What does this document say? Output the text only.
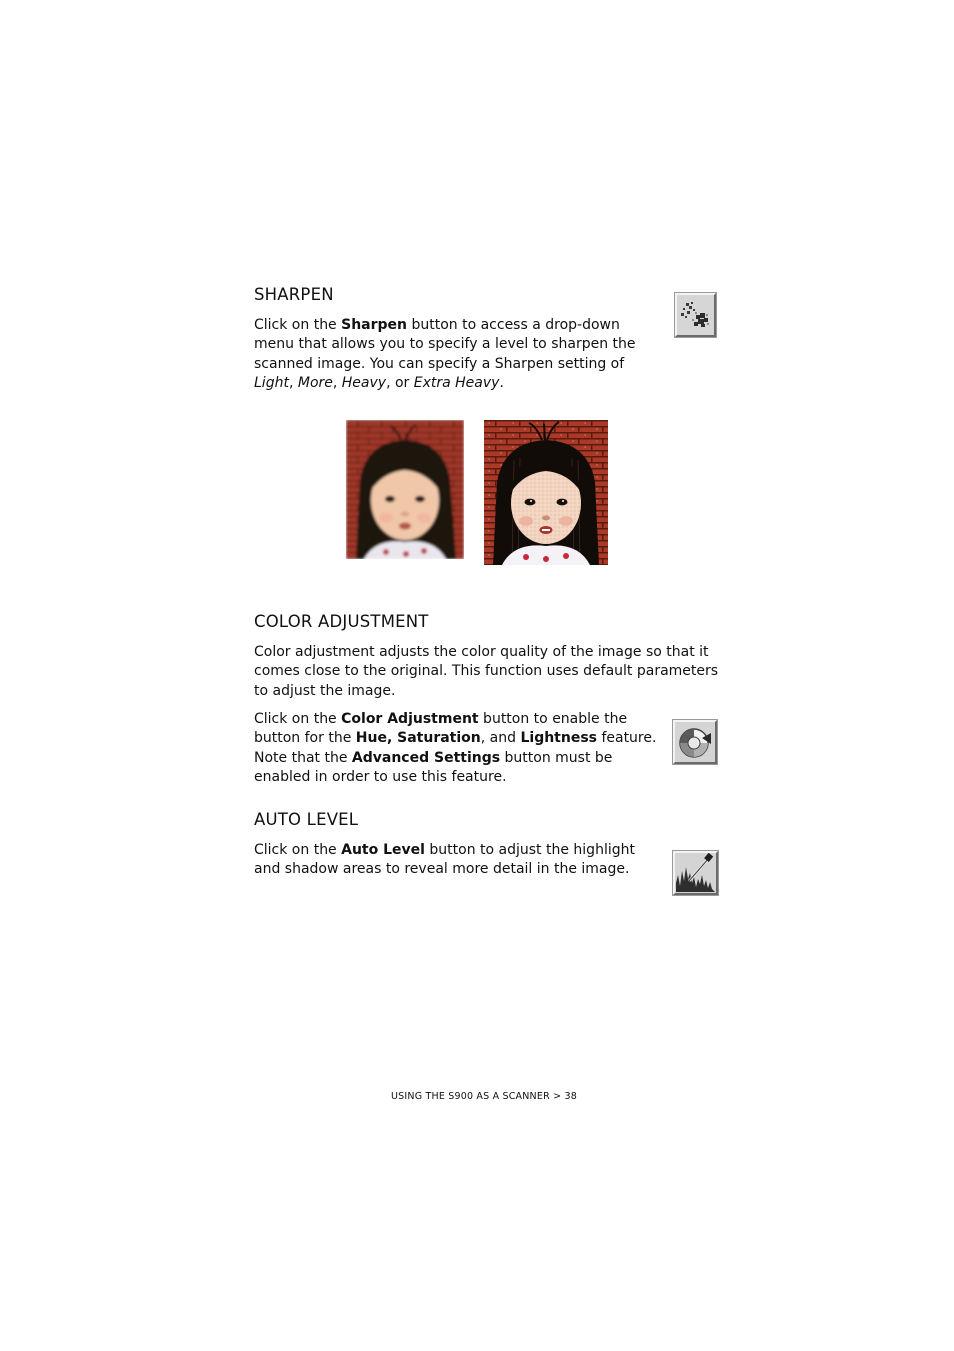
SHARPEN
Click on the Sharpen button to access a drop-down menu that allows you to specify a level to sharpen the scanned image. You can specify a Sharpen setting of Light, More, Heavy, or Extra Heavy.
COLOR ADJUSTMENT
Color adjustment adjusts the color quality of the image so that it comes close to the original. This function uses default parameters to adjust the image.
Click on the Color Adjustment button to enable the button for the Hue, Saturation, and Lightness feature. Note that the Advanced Settings button must be enabled in order to use this feature.
AUTO LEVEL
Click on the Auto Level button to adjust the highlight and shadow areas to reveal more detail in the image.
USING THE S900 AS A SCANNER > 38
